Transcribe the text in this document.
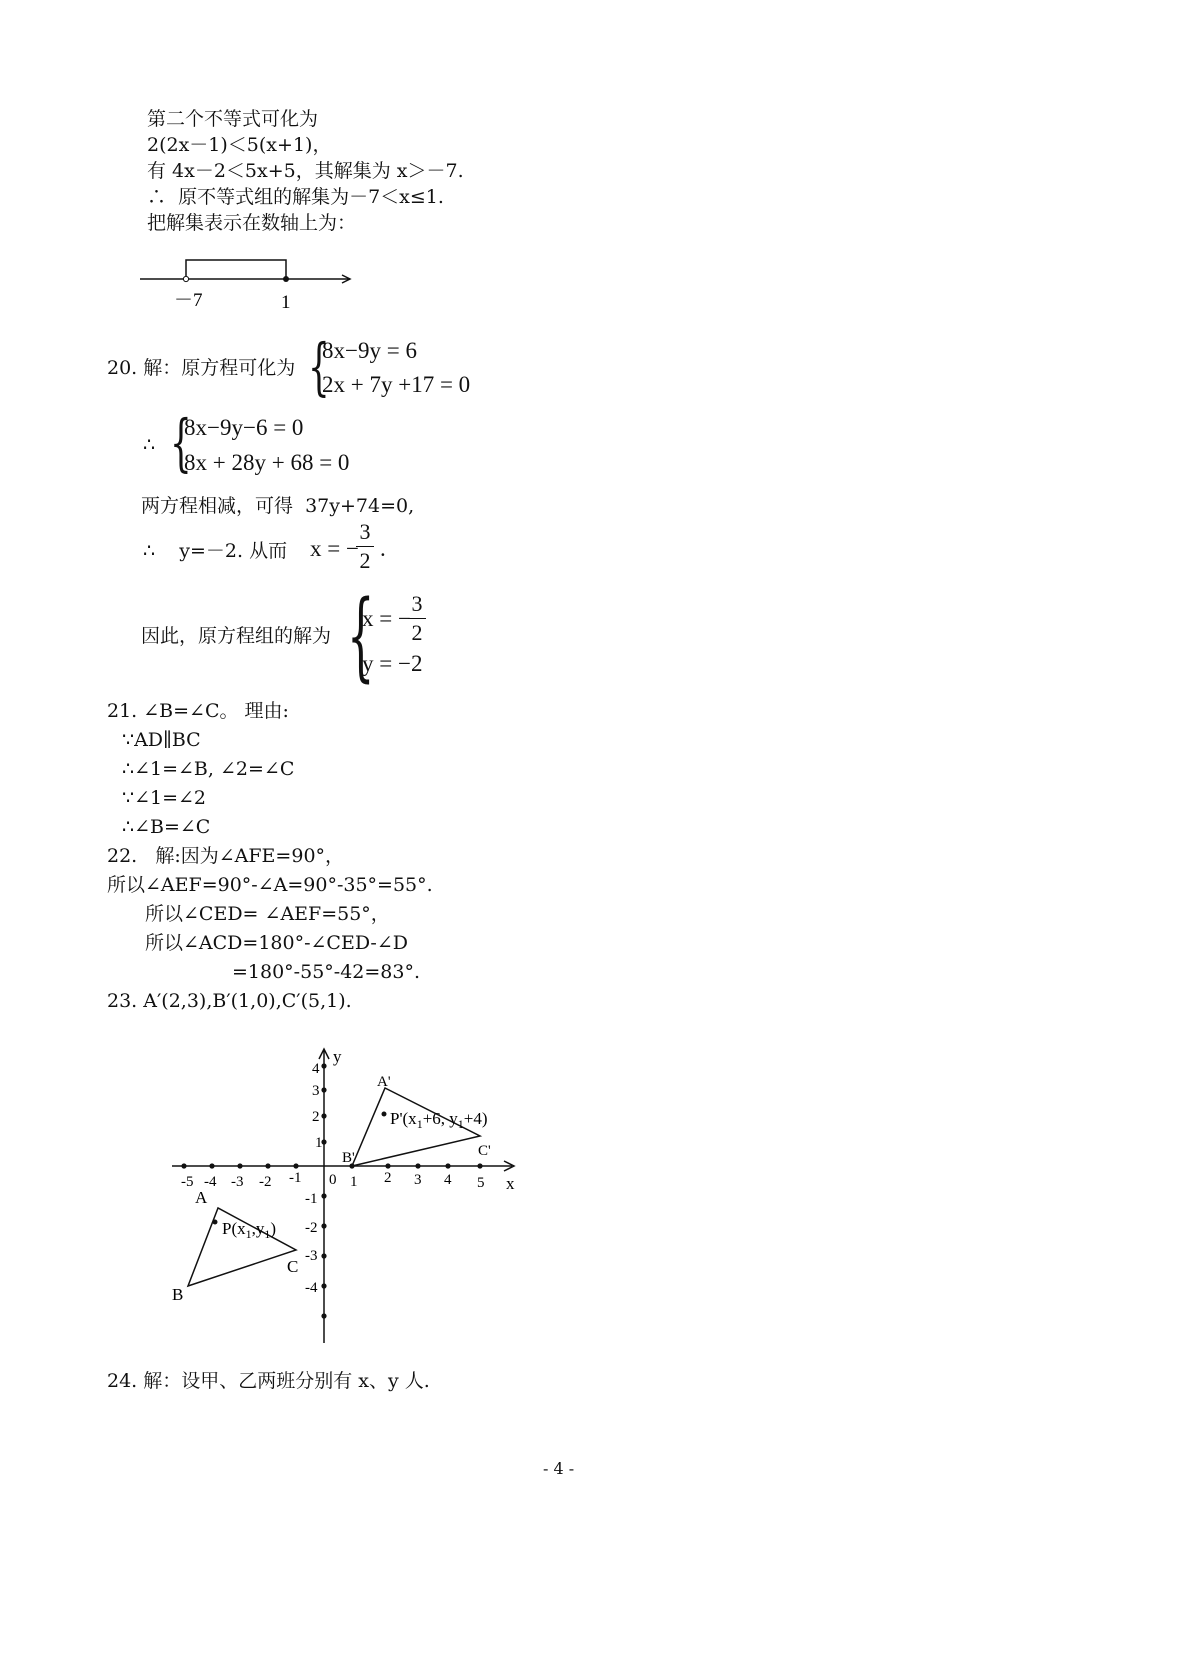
第二个不等式可化为
2(2x－1)＜5(x+1)，
有 4x－2＜5x+5，其解集为 x＞－7.
∴  原不等式组的解集为－7＜x≤1.
把解集表示在数轴上为：
－7	1
20. 解：原方程可化为 {
8x−9y = 6
2x + 7y +17 = 0
∴ {
8x−9y−6 = 0
8x + 28y + 68 = 0
两方程相减，可得  37y+74=0,
∴    y=－2. 从而 x = −
3
2 .
因此，原方程组的解为 {
x = −
3
2
y = −2
21. ∠B=∠C。 理由:
∵AD∥BC
∴∠1=∠B, ∠2=∠C
∵∠1=∠2
∴∠B=∠C
22.   解:因为∠AFE=90°，
所以∠AEF=90°-∠A=90°-35°=55°.
所以∠CED= ∠AEF=55°，
所以∠ACD=180°-∠CED-∠D
=180°-55°-42=83°.
23. A′(2,3),B′(1,0),C′(5,1).
-5 -4 -3 -2 -1 0 1 2 3 4 5 x
y
4
3
2
1
-1
-2
-3
-4
A
B
C
$P(x_1,y_1)$
A'
B'	C'
$P'(x_1+6$, $y_1+4$)
24. 解：设甲、乙两班分别有 x、y 人.
- 4 -
